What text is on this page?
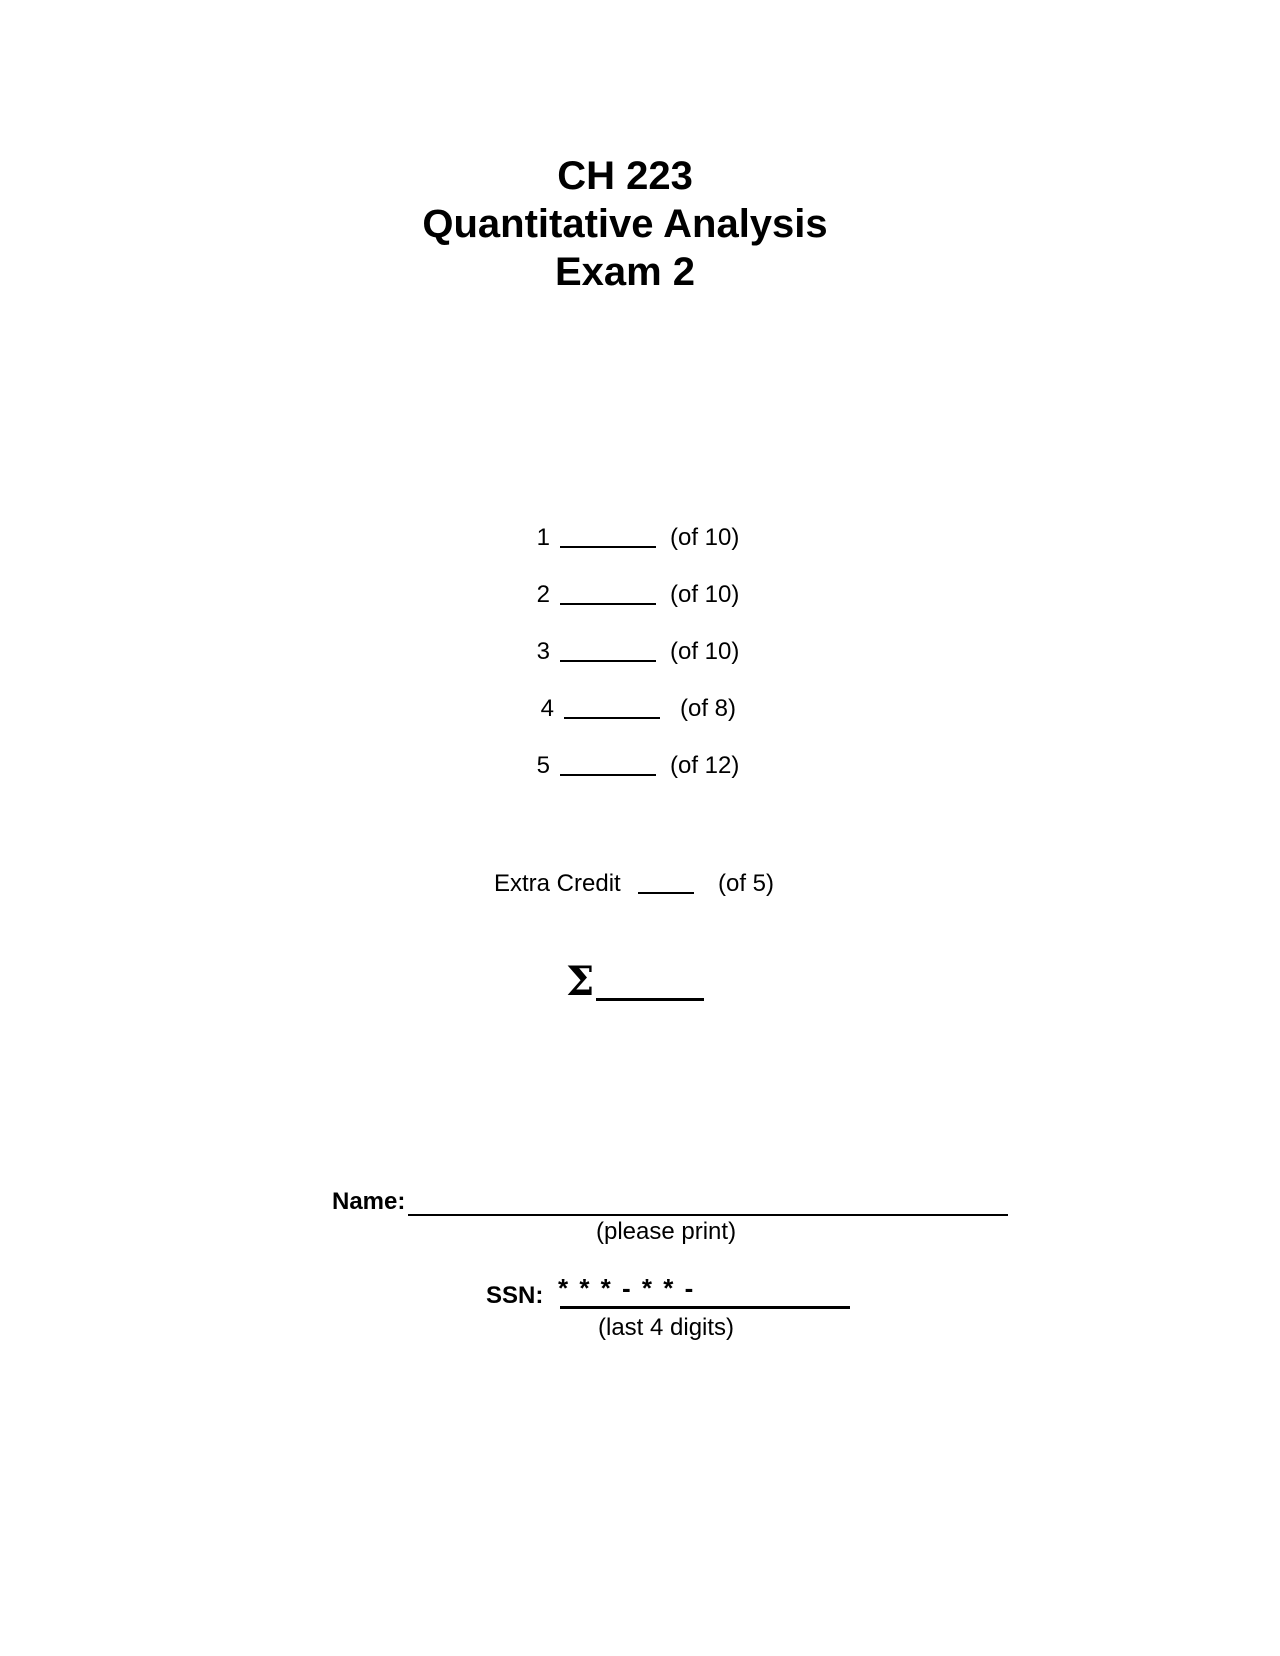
CH 223
Quantitative Analysis
Exam 2
1	(of 10)
2	(of 10)
3	(of 10)
4	(of 8)
5	(of 12)
Extra Credit	(of 5)
Σ
Name:
(please print)
SSN: * * * - * * -
(last 4 digits)
